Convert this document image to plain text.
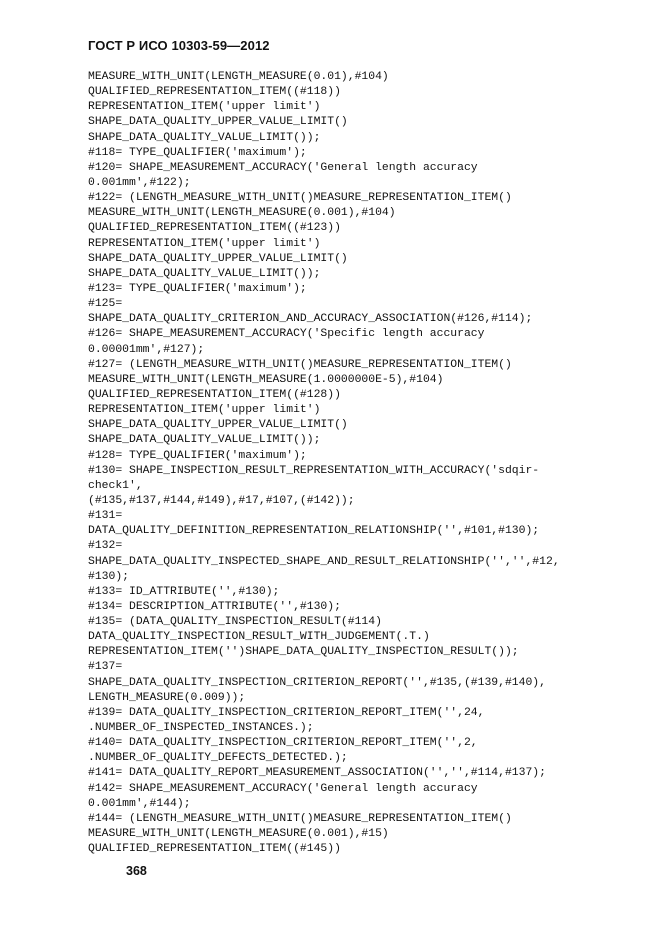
ГОСТ Р ИСО 10303-59—2012
MEASURE_WITH_UNIT(LENGTH_MEASURE(0.01),#104)
QUALIFIED_REPRESENTATION_ITEM((#118))
REPRESENTATION_ITEM('upper limit')
SHAPE_DATA_QUALITY_UPPER_VALUE_LIMIT()
SHAPE_DATA_QUALITY_VALUE_LIMIT());
#118= TYPE_QUALIFIER('maximum');
#120= SHAPE_MEASUREMENT_ACCURACY('General length accuracy
0.001mm',#122);
#122= (LENGTH_MEASURE_WITH_UNIT()MEASURE_REPRESENTATION_ITEM()
MEASURE_WITH_UNIT(LENGTH_MEASURE(0.001),#104)
QUALIFIED_REPRESENTATION_ITEM((#123))
REPRESENTATION_ITEM('upper limit')
SHAPE_DATA_QUALITY_UPPER_VALUE_LIMIT()
SHAPE_DATA_QUALITY_VALUE_LIMIT());
#123= TYPE_QUALIFIER('maximum');
#125=
SHAPE_DATA_QUALITY_CRITERION_AND_ACCURACY_ASSOCIATION(#126,#114);
#126= SHAPE_MEASUREMENT_ACCURACY('Specific length accuracy
0.00001mm',#127);
#127= (LENGTH_MEASURE_WITH_UNIT()MEASURE_REPRESENTATION_ITEM()
MEASURE_WITH_UNIT(LENGTH_MEASURE(1.0000000E-5),#104)
QUALIFIED_REPRESENTATION_ITEM((#128))
REPRESENTATION_ITEM('upper limit')
SHAPE_DATA_QUALITY_UPPER_VALUE_LIMIT()
SHAPE_DATA_QUALITY_VALUE_LIMIT());
#128= TYPE_QUALIFIER('maximum');
#130= SHAPE_INSPECTION_RESULT_REPRESENTATION_WITH_ACCURACY('sdqir-
check1',
(#135,#137,#144,#149),#17,#107,(#142));
#131=
DATA_QUALITY_DEFINITION_REPRESENTATION_RELATIONSHIP('',#101,#130);
#132=
SHAPE_DATA_QUALITY_INSPECTED_SHAPE_AND_RESULT_RELATIONSHIP('','',#12,
#130);
#133= ID_ATTRIBUTE('',#130);
#134= DESCRIPTION_ATTRIBUTE('',#130);
#135= (DATA_QUALITY_INSPECTION_RESULT(#114)
DATA_QUALITY_INSPECTION_RESULT_WITH_JUDGEMENT(.T.)
REPRESENTATION_ITEM('')SHAPE_DATA_QUALITY_INSPECTION_RESULT());
#137=
SHAPE_DATA_QUALITY_INSPECTION_CRITERION_REPORT('',#135,(#139,#140),
LENGTH_MEASURE(0.009));
#139= DATA_QUALITY_INSPECTION_CRITERION_REPORT_ITEM('',24,
.NUMBER_OF_INSPECTED_INSTANCES.);
#140= DATA_QUALITY_INSPECTION_CRITERION_REPORT_ITEM('',2,
.NUMBER_OF_QUALITY_DEFECTS_DETECTED.);
#141= DATA_QUALITY_REPORT_MEASUREMENT_ASSOCIATION('','',#114,#137);
#142= SHAPE_MEASUREMENT_ACCURACY('General length accuracy
0.001mm',#144);
#144= (LENGTH_MEASURE_WITH_UNIT()MEASURE_REPRESENTATION_ITEM()
MEASURE_WITH_UNIT(LENGTH_MEASURE(0.001),#15)
QUALIFIED_REPRESENTATION_ITEM((#145))
368
